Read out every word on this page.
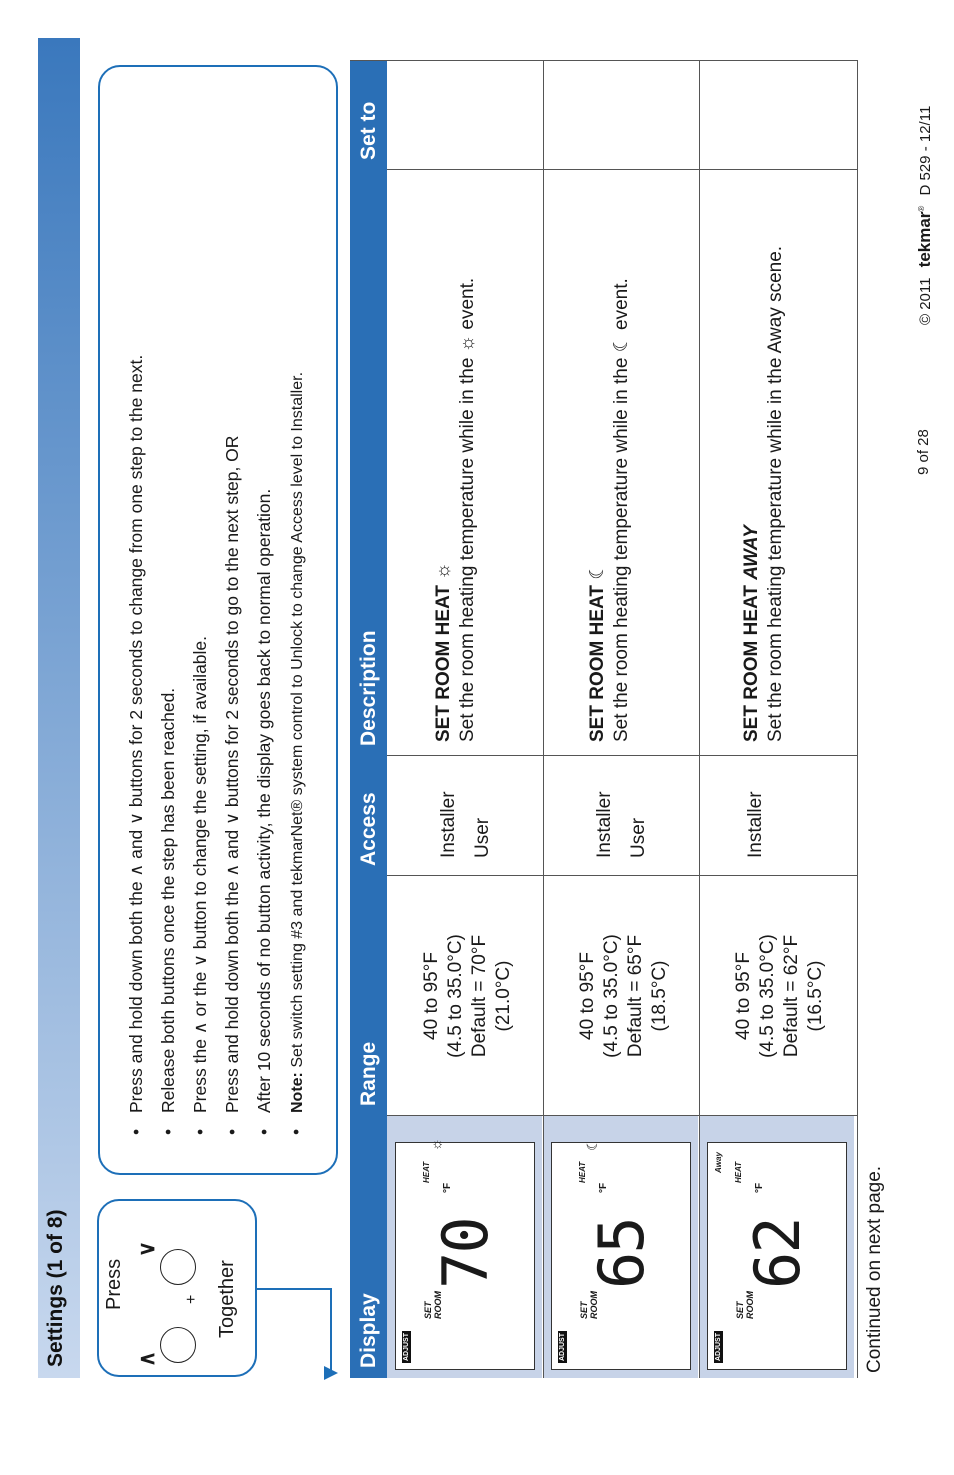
Settings (1 of 8) Press
∧
∨
+ Together
•Press and hold down both the ∧ and ∨ buttons for 2 seconds to change from one step to the next.
•Release both buttons once the step has been reached.
•Press the ∧ or the ∨ button to change the setting, if available.
•Press and hold down both the ∧ and ∨ buttons for 2 seconds to go to the next step, OR
•After 10 seconds of no button activity, the display goes back to normal operation.
•Note: Set switch setting #3 and tekmarNet® system control to Unlock to change Access level to Installer.
Display
Range
Access
Description
Set to
ADJUST
SET
ROOM
70
°F
HEAT
☼
40 to 95°F (4.5 to 35.0°C) Default = 70°F (21.0°C)
Installer User
SET ROOM HEAT ☼ Set the room heating temperature while in the ☼ event.
ADJUST
SET
ROOM
65
°F
HEAT
☾
40 to 95°F (4.5 to 35.0°C) Default = 65°F (18.5°C)
Installer User
SET ROOM HEAT ☾ Set the room heating temperature while in the ☾ event.
ADJUST
SET
ROOM
62
°F
HEAT
Away
40 to 95°F (4.5 to 35.0°C) Default = 62°F (16.5°C)
Installer
SET ROOM HEAT AWAY Set the room heating temperature while in the Away scene.
Continued on next page.
9 of 28
© 2011 tekmar® D 529 - 12/11
